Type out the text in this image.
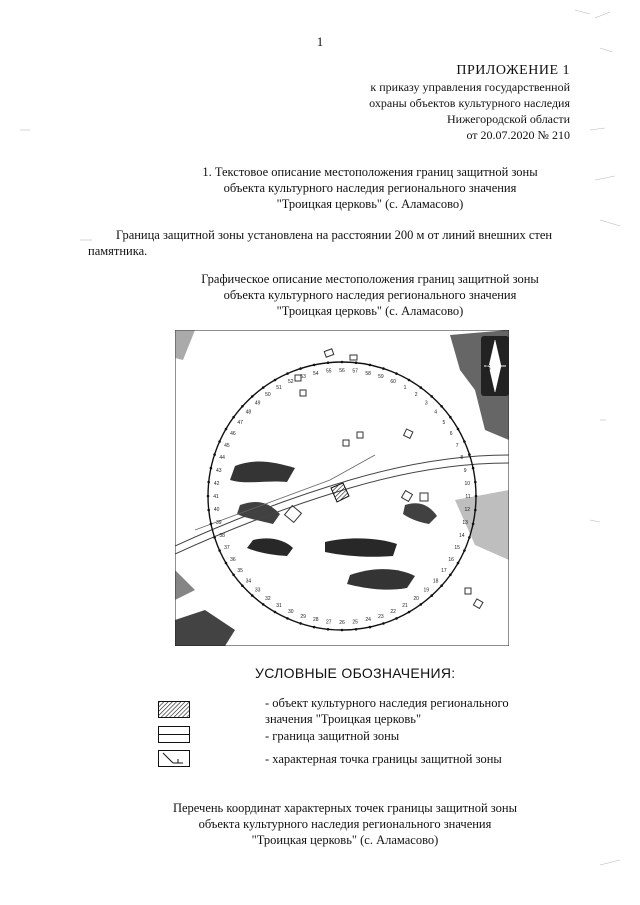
1
ПРИЛОЖЕНИЕ 1
к приказу управления государственной
охраны объектов культурного наследия
Нижегородской области
от 20.07.2020 № 210
1. Текстовое описание местоположения границ защитной зоны
объекта культурного наследия регионального значения
"Троицкая церковь" (с. Аламасово)
Граница защитной зоны установлена на расстоянии 200 м от линий внешних стен
памятника.
Графическое описание местоположения границ защитной зоны
объекта культурного наследия регионального значения
"Троицкая церковь" (с. Аламасово)
1
2
3
4
5
6
7
8
9
10
11
12
13
14
15
16
17
18
19
20
21
22
23
24
25
26
27
28
29
30
31
32
33
34
35
36
37
38
39
40
41
42
43
44
45
46
47
48
49
50
51
52
53
54 55 56 57 58
59
60
S
УСЛОВНЫЕ ОБОЗНАЧЕНИЯ:
- объект культурного наследия регионального
значения "Троицкая церковь"
- граница защитной зоны
- характерная точка границы защитной зоны
Перечень координат характерных точек границы защитной зоны
объекта культурного наследия регионального значения
"Троицкая церковь" (с. Аламасово)
